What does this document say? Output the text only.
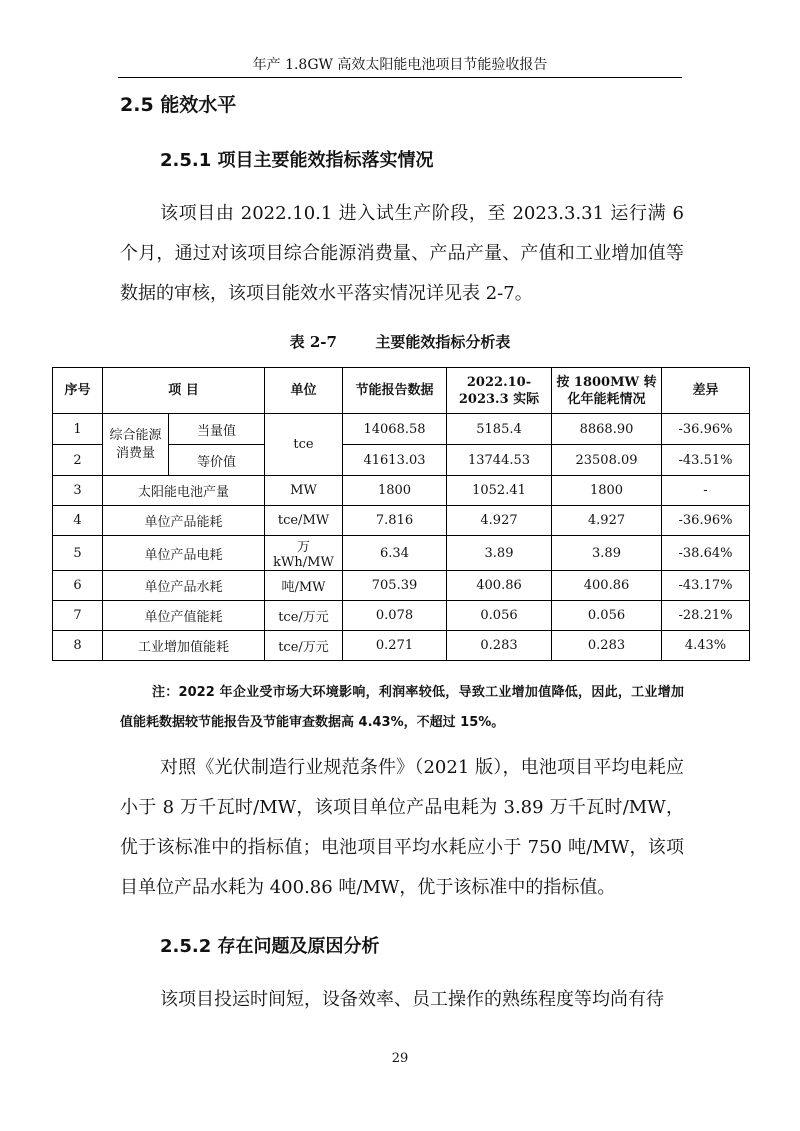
年产 1.8GW 高效太阳能电池项目节能验收报告
2.5 能效水平
2.5.1 项目主要能效指标落实情况

该项目由 2022.10.1 进入试生产阶段，至 2023.3.31 运行满 6 个月，通过对该项目综合能源消费量、产品产量、产值和工业增加值等数据的审核，该项目能效水平落实情况详见表 2-7。

表 2-7	主要能效指标分析表
序号	项 目		单位	节能报告数据	2022.10-2023.3 实际	按 1800MW 转化年能耗情况	差异
1	综合能源消费量	当量值	tce	14068.58	5185.4	8868.90	-36.96%
2		等价值		41613.03	13744.53	23508.09	-43.51%
3	太阳能电池产量		MW	1800	1052.41	1800	-
4	单位产品能耗		tce/MW	7.816	4.927	4.927	-36.96%
5	单位产品电耗		万 kWh/MW	6.34	3.89	3.89	-38.64%
6	单位产品水耗		吨/MW	705.39	400.86	400.86	-43.17%
7	单位产值能耗		tce/万元	0.078	0.056	0.056	-28.21%
8	工业增加值能耗		tce/万元	0.271	0.283	0.283	4.43%

注：2022 年企业受市场大环境影响，利润率较低，导致工业增加值降低，因此，工业增加值能耗数据较节能报告及节能审查数据高 4.43%，不超过 15%。

对照《光伏制造行业规范条件》（2021 版），电池项目平均电耗应小于 8 万千瓦时/MW，该项目单位产品电耗为 3.89 万千瓦时/MW，优于该标准中的指标值；电池项目平均水耗应小于 750 吨/MW，该项目单位产品水耗为 400.86 吨/MW，优于该标准中的指标值。

2.5.2 存在问题及原因分析

该项目投运时间短，设备效率、员工操作的熟练程度等均尚有待

29
